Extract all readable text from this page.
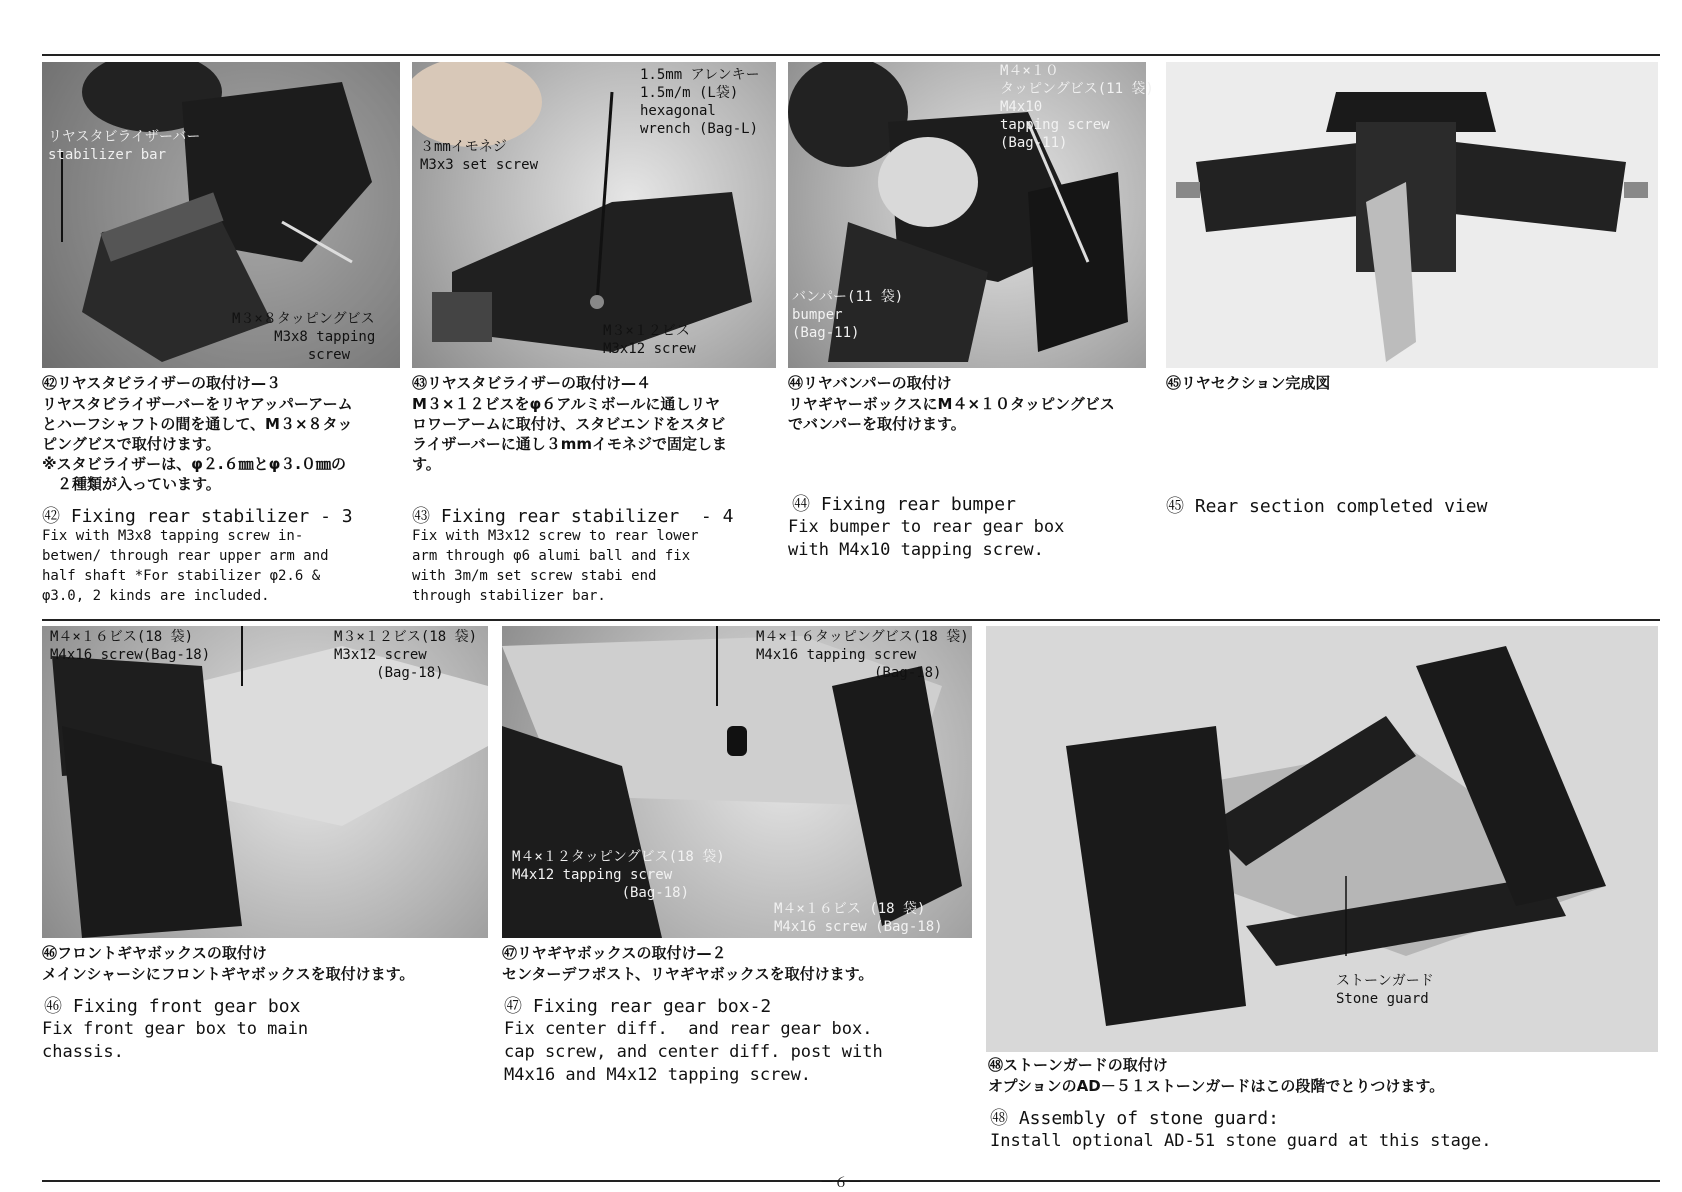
リヤスタビライザーバー
stabilizer bar
M３×８タッピングビス
M3x8 tapping
screw
㊷リヤスタビライザーの取付け—３
リヤスタビライザーバーをリヤアッパーアーム
とハーフシャフトの間を通して、M３×８タッ
ピングビスで取付けます。
※スタビライザーは、φ２.６㎜とφ３.０㎜の
　２種類が入っています。
㊷ Fixing rear stabilizer - 3
Fix with M3x8 tapping screw in-
betwen/ through rear upper arm and
half shaft *For stabilizer φ2.6 &
φ3.0, 2 kinds are included.
1.5mm アレンキー
1.5m/m (L袋)
hexagonal
wrench (Bag-L)
３mmイモネジ
M3x3 set screw
M３×１２ビス
M3x12 screw
㊸リヤスタビライザーの取付け—４
M３×１２ビスをφ６アルミボールに通しリヤ
ロワーアームに取付け、スタビエンドをスタビ
ライザーバーに通し３mmイモネジで固定しま
す。
㊸ Fixing rear stabilizer  - 4
Fix with M3x12 screw to rear lower
arm through φ6 alumi ball and fix
with 3m/m set screw stabi end
through stabilizer bar.
M４×１０
タッピングビス(11 袋)
M4x10
tapping screw
(Bag-11)
バンパー(11 袋)
bumper
(Bag-11)
㊹リヤバンパーの取付け
リヤギヤーボックスにM４×１０タッピングビス
でバンパーを取付けます。
㊹ Fixing rear bumper
Fix bumper to rear gear box
with M4x10 tapping screw.
㊺リヤセクション完成図
㊺ Rear section completed view
M４×１６ビス(18 袋)
M4x16 screw(Bag-18)
M３×１２ビス(18 袋)
M3x12 screw
(Bag-18)
㊻フロントギヤボックスの取付け
メインシャーシにフロントギヤボックスを取付けます。
㊻ Fixing front gear box
Fix front gear box to main
chassis.
M４×１６タッピングビス(18 袋)
M4x16 tapping screw
(Bag-18)
M４×１２タッピングビス(18 袋)
M4x12 tapping screw
(Bag-18)
M４×１６ビス (18 袋)
M4x16 screw (Bag-18)
㊼リヤギヤボックスの取付け—２
センターデフポスト、リヤギヤボックスを取付けます。
㊼ Fixing rear gear box-2
Fix center diff.  and rear gear box.
cap screw, and center diff. post with
M4x16 and M4x12 tapping screw.
ストーンガード
Stone guard
㊽ストーンガードの取付け
オプションのAD－５１ストーンガードはこの段階でとりつけます。
㊽ Assembly of stone guard:
Install optional AD-51 stone guard at this stage.
－６－
